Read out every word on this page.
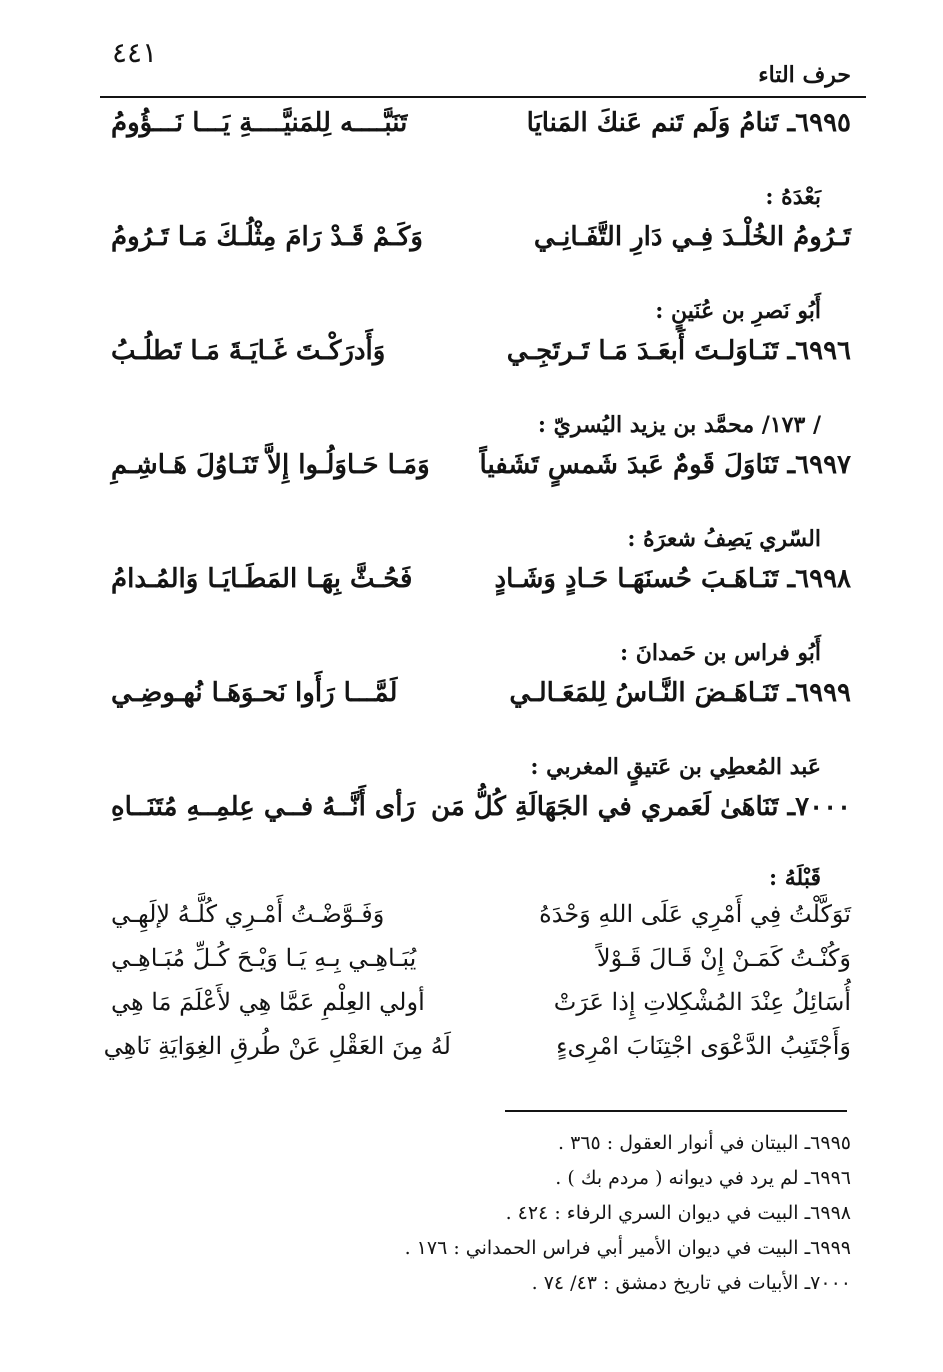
٤٤١
حرف التاء
٦٩٩٥ـ تَنامُ وَلَم تَنم عَنكَ المَنايَا
تَنَبَّــــه لِلمَنيَّــــةِ يَـــا نَـــؤُومُ
بَعْدَهُ :
تَـرُومُ الخُلْـدَ فِـي دَارِ التَّفَـانِـي
وَكَـمْ قَـدْ رَامَ مِثْلُـكَ مَـا تَـرُومُ
أَبُو نَصرِ بن عُنَينٍ :
٦٩٩٦ـ تَنَـاوَلـتَ أَبعَـدَ مَـا تَـرتَجِـي
وَأَدرَكْـتَ غَـايَـةَ مَـا تَطلُـبُ
/ ١٧٣/ محمَّد بن يزيد اليُسريّ :
٦٩٩٧ـ تَنَاوَلَ قَومٌ عَبدَ شَمسٍ تَشَفياً
وَمَـا حَـاوَلُـوا إِلاَّ تَنَـاوُلَ هَـاشِـمِ
السّري يَصِفُ شعرَهُ :
٦٩٩٨ـ تَنَـاهَـبَ حُسنَهَـا حَـادٍ وَشَـادٍ
فَحُـثَّ بِهَـا المَطَـايَـا وَالمُـدامُ
أَبُو فراس بن حَمدانَ :
٦٩٩٩ـ تَنَـاهَـضَ النَّـاسُ لِلمَعَـالـي
لَمَّـــا رَأَوا نَحـوَهَـا نُهـوضِـي
عَبد المُعطِي بن عَتيقٍ المغربي :
٧٠٠٠ـ تَنَاهَىٰ لَعَمري في الجَهَالَةِ كُلُّ مَن
رَأى أَنَّــهُ فــي عِلمِــهِ مُتَنَــاهِ
قَبْلَهُ :
تَوَكَّلْتُ فِي أَمْرِي عَلَى اللهِ وَحْدَهُ
وَفَـوَّضْـتُ أَمْـرِي كُلَّـهُ لإلَهِـي
وَكُنْـتُ كَمَـنْ إِنْ قَـالَ قَـوْلاً
يُبَـاهِـي بِـهِ يَـا وَيْـحَ كُـلِّ مُبَـاهِـي
أُسَائِلُ عِنْدَ المُشْكِلاتِ إِذا عَرَتْ
أولي العِلْمِ عَمَّا هِي لأَعْلَمَ مَا هِي
وَأَجْتَنِبُ الدَّعْوَى اجْتِنَابَ امْرِىءٍ
لَهُ مِنَ العَقْلِ عَنْ طُرقِ الغِوَايَةِ نَاهِي
٦٩٩٥ـ البيتان في أنوار العقول : ٣٦٥ .
٦٩٩٦ـ لم يرد في ديوانه ( مردم بك ) .
٦٩٩٨ـ البيت في ديوان السري الرفاء : ٤٢٤ .
٦٩٩٩ـ البيت في ديوان الأمير أبي فراس الحمداني : ١٧٦ .
٧٠٠٠ـ الأبيات في تاريخ دمشق : ٤٣/ ٧٤ .
